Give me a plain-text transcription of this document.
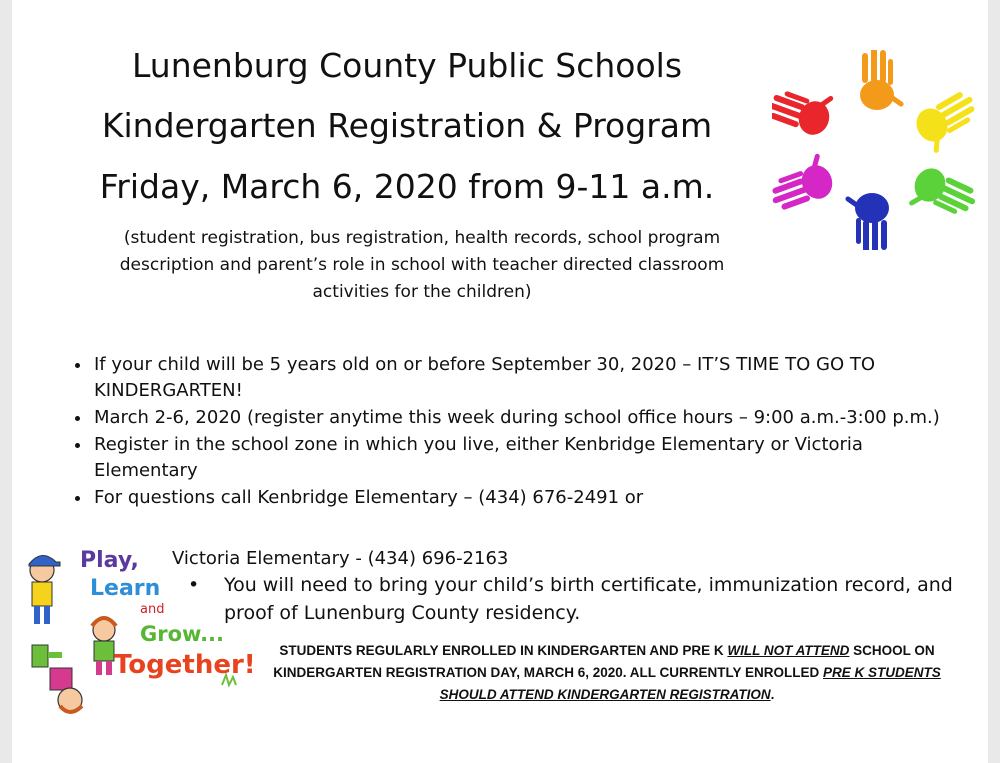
Lunenburg County Public Schools
Kindergarten Registration & Program
Friday, March 6, 2020 from 9-11 a.m.
(student registration, bus registration, health records, school program
description and parent’s role in school with teacher directed classroom
activities for the children)
• If your child will be 5 years old on or before September 30, 2020 – IT’S TIME TO GO TO KINDERGARTEN!
• March 2-6, 2020 (register anytime this week during school office hours – 9:00 a.m.-3:00 p.m.)
• Register in the school zone in which you live, either Kenbridge Elementary or Victoria Elementary
• For questions call Kenbridge Elementary – (434) 676-2491 or
Victoria Elementary - (434) 696-2163
• You will need to bring your child’s birth certificate, immunization record, and proof of Lunenburg County residency.
STUDENTS REGULARLY ENROLLED IN KINDERGARTEN AND PRE K WILL NOT ATTEND SCHOOL ON KINDERGARTEN REGISTRATION DAY, MARCH 6, 2020. ALL CURRENTLY ENROLLED PRE K STUDENTS SHOULD ATTEND KINDERGARTEN REGISTRATION.
Play,
Learn
and
Grow...
Together!
